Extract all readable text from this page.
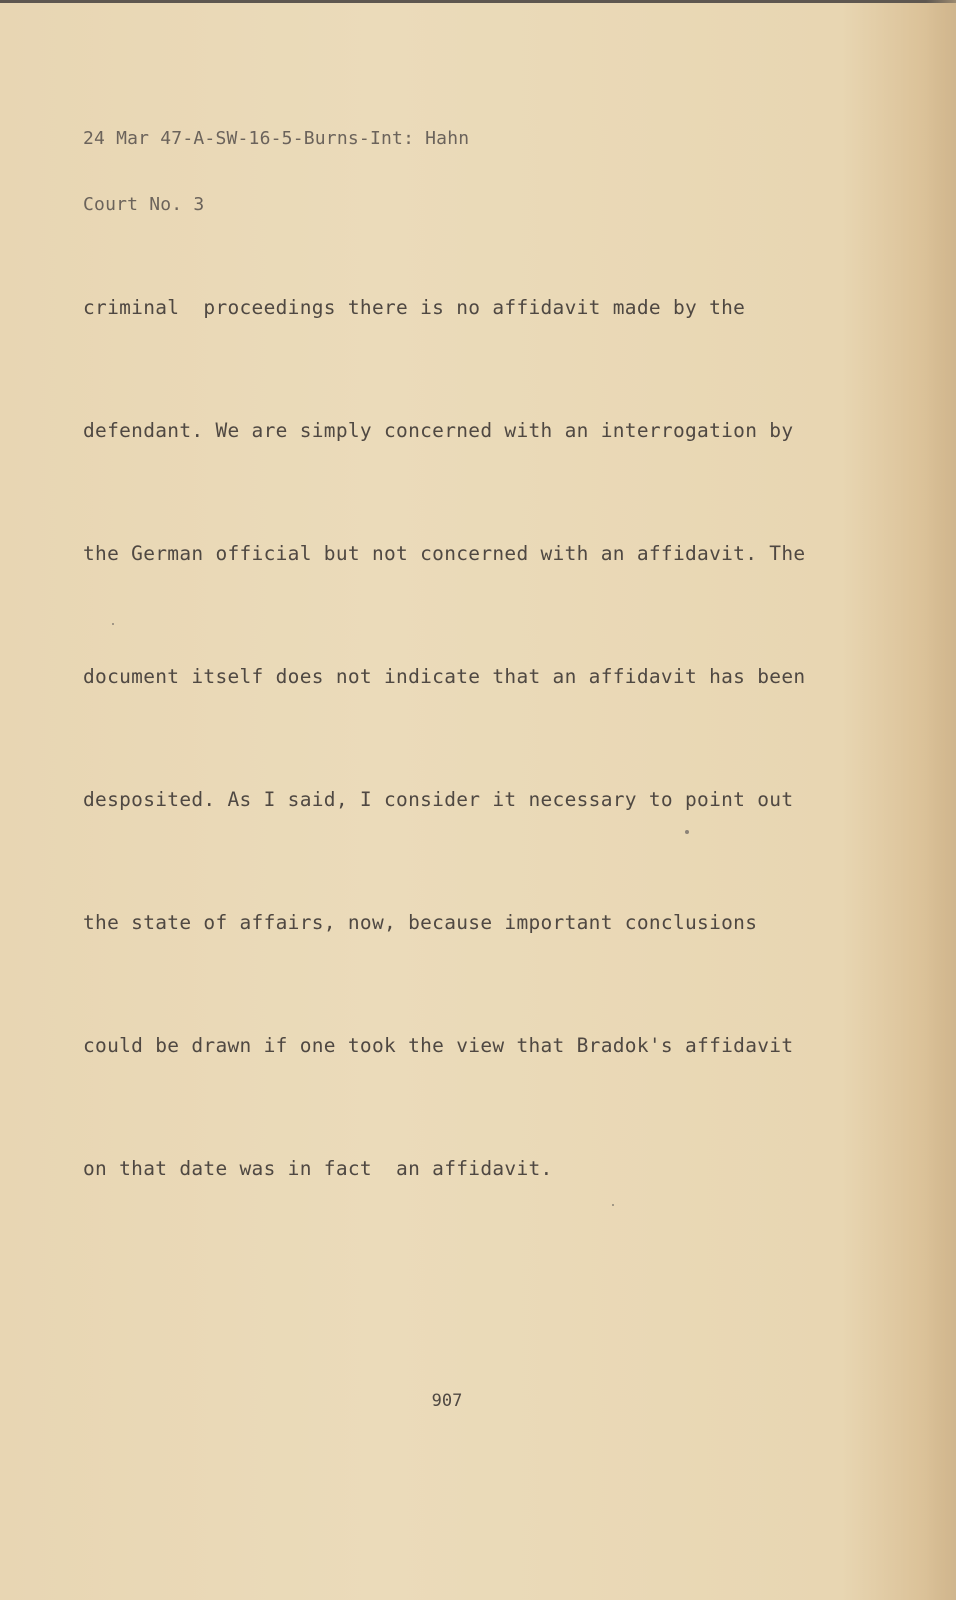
24 Mar 47-A-SW-16-5-Burns-Int: Hahn

Court No. 3

criminal  proceedings there is no affidavit made by the

defendant. We are simply concerned with an interrogation by

the German official but not concerned with an affidavit. The

document itself does not indicate that an affidavit has been

desposited. As I said, I consider it necessary to point out

the state of affairs, now, because important conclusions

could be drawn if one took the view that Bradok's affidavit

on that date was in fact  an affidavit.

907
